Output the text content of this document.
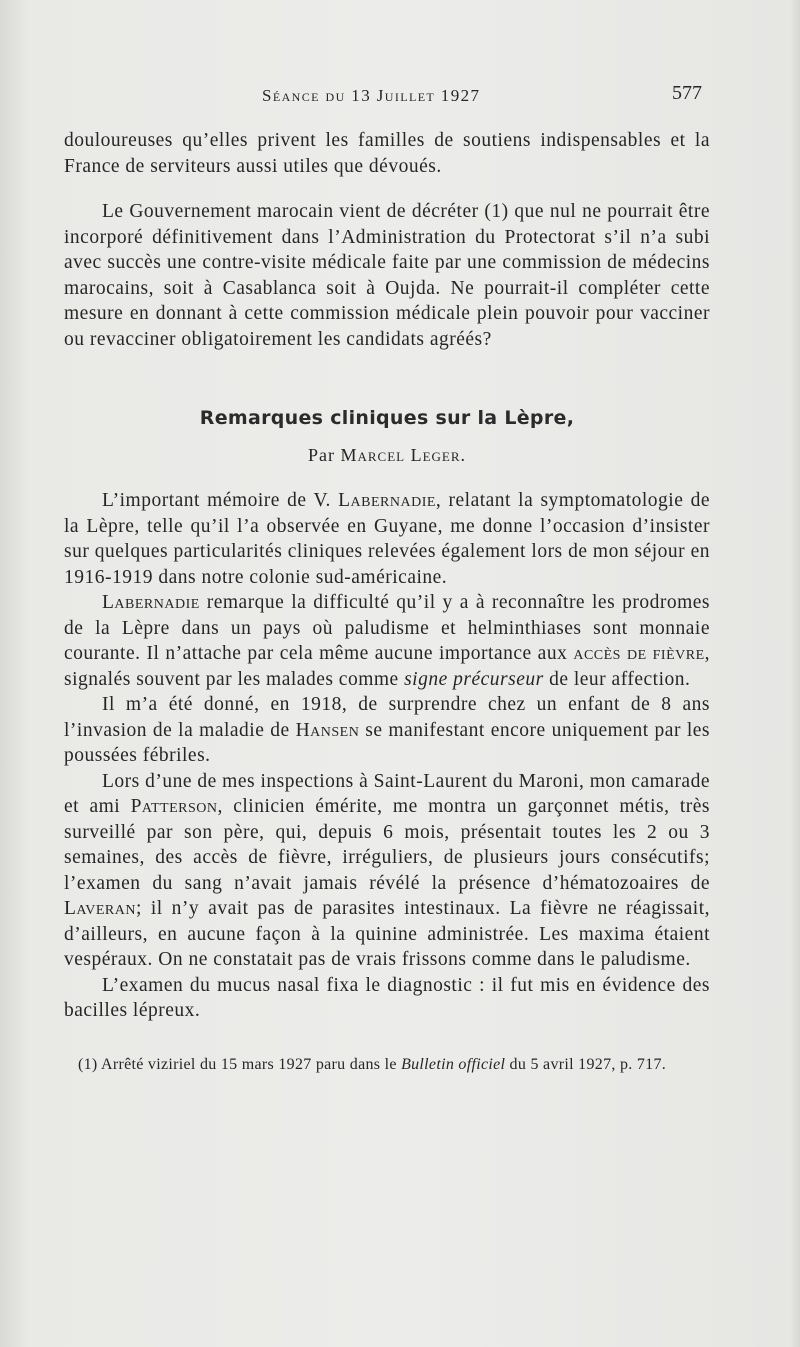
Séance du 13 Juillet 1927	577

douloureuses qu’elles privent les familles de soutiens indispensables et la France de serviteurs aussi utiles que dévoués.

Le Gouvernement marocain vient de décréter (1) que nul ne pourrait être incorporé définitivement dans l’Administration du Protectorat s’il n’a subi avec succès une contre-visite médicale faite par une commission de médecins marocains, soit à Casablanca soit à Oujda. Ne pourrait-il compléter cette mesure en donnant à cette commission médicale plein pouvoir pour vacciner ou revacciner obligatoirement les candidats agréés?

Remarques cliniques sur la Lèpre,
Par Marcel Leger.

L’important mémoire de V. Labernadie, relatant la symptomatologie de la Lèpre, telle qu’il l’a observée en Guyane, me donne l’occasion d’insister sur quelques particularités cliniques relevées également lors de mon séjour en 1916-1919 dans notre colonie sud-américaine.

Labernadie remarque la difficulté qu’il y a à reconnaître les prodromes de la Lèpre dans un pays où paludisme et helminthiases sont monnaie courante. Il n’attache par cela même aucune importance aux accès de fièvre, signalés souvent par les malades comme signe précurseur de leur affection.

Il m’a été donné, en 1918, de surprendre chez un enfant de 8 ans l’invasion de la maladie de Hansen se manifestant encore uniquement par les poussées fébriles.

Lors d’une de mes inspections à Saint-Laurent du Maroni, mon camarade et ami Patterson, clinicien émérite, me montra un garçonnet métis, très surveillé par son père, qui, depuis 6 mois, présentait toutes les 2 ou 3 semaines, des accès de fièvre, irréguliers, de plusieurs jours consécutifs; l’examen du sang n’avait jamais révélé la présence d’hématozoaires de Laveran; il n’y avait pas de parasites intestinaux. La fièvre ne réagissait, d’ailleurs, en aucune façon à la quinine administrée. Les maxima étaient vespéraux. On ne constatait pas de vrais frissons comme dans le paludisme.

L’examen du mucus nasal fixa le diagnostic : il fut mis en évidence des bacilles lépreux.

(1) Arrêté viziriel du 15 mars 1927 paru dans le Bulletin officiel du 5 avril 1927, p. 717.
